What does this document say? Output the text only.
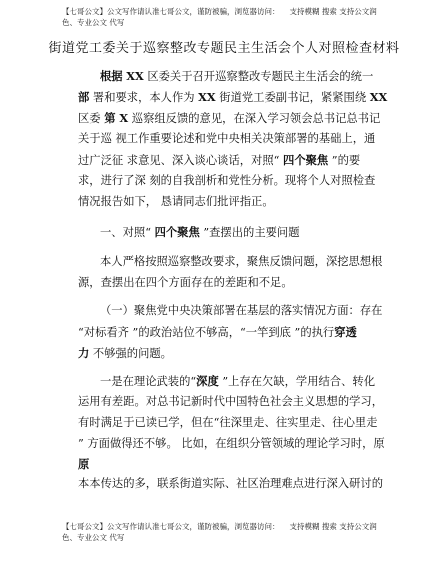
【七哥公文】公文写作请认准七哥公文，谨防被骗，浏览器访问： 支持模糊 搜索 支持公文润
色、专业公文 代写
街道党工委关于巡察整改专题民主生活会个人对照检查材料
根据 XX 区委关于召开巡察整改专题民主生活会的统一
部 署和要求，本人作为 XX 街道党工委副书记，紧紧围绕 XX
区委 第 X 巡察组反馈的意见，在深入学习领会总书记总书记
关于巡 视工作重要论述和党中央相关决策部署的基础上，通
过广泛征 求意见、深入谈心谈话，对照“ 四个聚焦 ”的要
求，进行了深 刻的自我剖析和党性分析。现将个人对照检查
情况报告如下， 恳请同志们批评指正。
一、对照“ 四个聚焦 ”查摆出的主要问题
本人严格按照巡察整改要求，聚焦反馈问题，深挖思想根
源，查摆出在四个方面存在的差距和不足。
（一）聚焦党中央决策部署在基层的落实情况方面：存在
“对标看齐 ”的政治站位不够高，“一竿到底 ”的执行穿透
力 不够强的问题。
一是在理论武装的“深度 ”上存在欠缺，学用结合、转化
运用有差距。对总书记新时代中国特色社会主义思想的学习，
有时满足于已读已学，但在“往深里走、往实里走、往心里走
” 方面做得还不够。 比如，在组织分管领域的理论学习时，原
原
本本传达的多，联系街道实际、社区治理难点进行深入研讨的
【七哥公文】公文写作请认准七哥公文，谨防被骗，浏览器访问： 支持模糊 搜索 支持公文润
色、专业公文 代写
